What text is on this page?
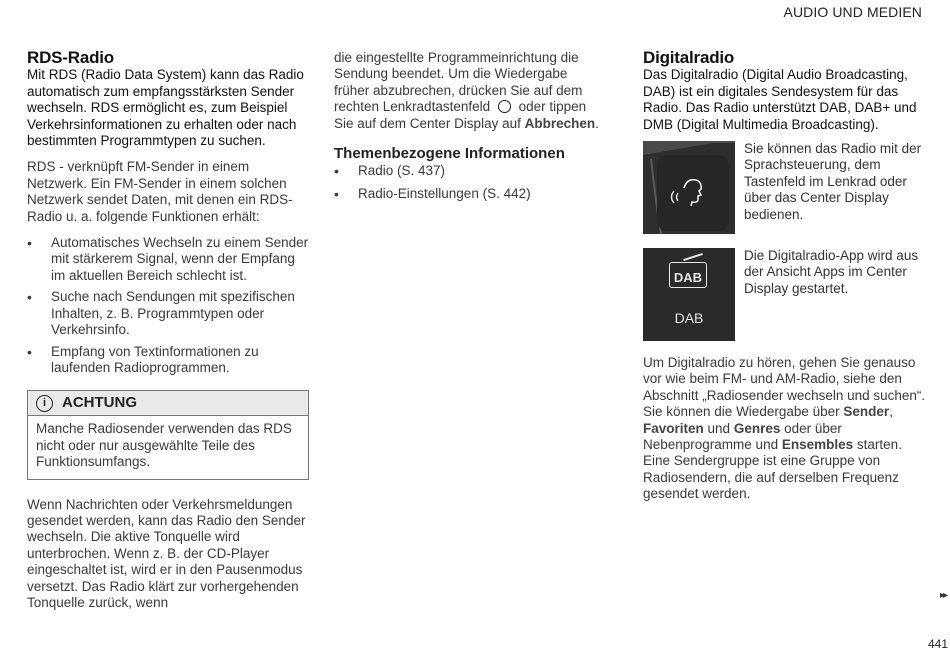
AUDIO UND MEDIEN
RDS-Radio

Mit RDS (Radio Data System) kann das Radio automatisch zum empfangsstärksten Sender wechseln. RDS ermöglicht es, zum Beispiel Verkehrsinformationen zu erhalten oder nach bestimmten Programmtypen zu suchen.

RDS - verknüpft FM-Sender in einem Netzwerk. Ein FM-Sender in einem solchen Netzwerk sendet Daten, mit denen ein RDS-Radio u. a. folgende Funktionen erhält:

• Automatisches Wechseln zu einem Sender mit stärkerem Signal, wenn der Empfang im aktuellen Bereich schlecht ist.
• Suche nach Sendungen mit spezifischen Inhalten, z. B. Programmtypen oder Verkehrsinfo.
• Empfang von Textinformationen zu laufenden Radioprogrammen.
i	ACHTUNG
Manche Radiosender verwenden das RDS nicht oder nur ausgewählte Teile des Funktionsumfangs.

Wenn Nachrichten oder Verkehrsmeldungen gesendet werden, kann das Radio den Sender wechseln. Die aktive Tonquelle wird unterbrochen. Wenn z. B. der CD-Player eingeschaltet ist, wird er in den Pausenmodus versetzt. Das Radio klärt zur vorhergehenden Tonquelle zurück, wenn

die eingestellte Programmeinrichtung die Sendung beendet. Um die Wiedergabe früher abzubrechen, drücken Sie auf dem rechten Lenkradtastenfeld oder tippen Sie auf dem Center Display auf Abbrechen.

Themenbezogene Informationen
• Radio (S. 437)
• Radio-Einstellungen (S. 442)
Digitalradio

Das Digitalradio (Digital Audio Broadcasting, DAB) ist ein digitales Sendesystem für das Radio. Das Radio unterstützt DAB, DAB+ und DMB (Digital Multimedia Broadcasting).

Sie können das Radio mit der Sprachsteuerung, dem Tastenfeld im Lenkrad oder über das Center Display bedienen.
DAB
DAB
Die Digitalradio-App wird aus der Ansicht Apps im Center Display gestartet.

Um Digitalradio zu hören, gehen Sie genauso vor wie beim FM- und AM-Radio, siehe den Abschnitt „Radiosender wechseln und suchen“. Sie können die Wiedergabe über Sender, Favoriten und Genres oder über Nebenprogramme und Ensembles starten. Eine Sendergruppe ist eine Gruppe von Radiosendern, die auf derselben Frequenz gesendet werden.

▸▸
441
